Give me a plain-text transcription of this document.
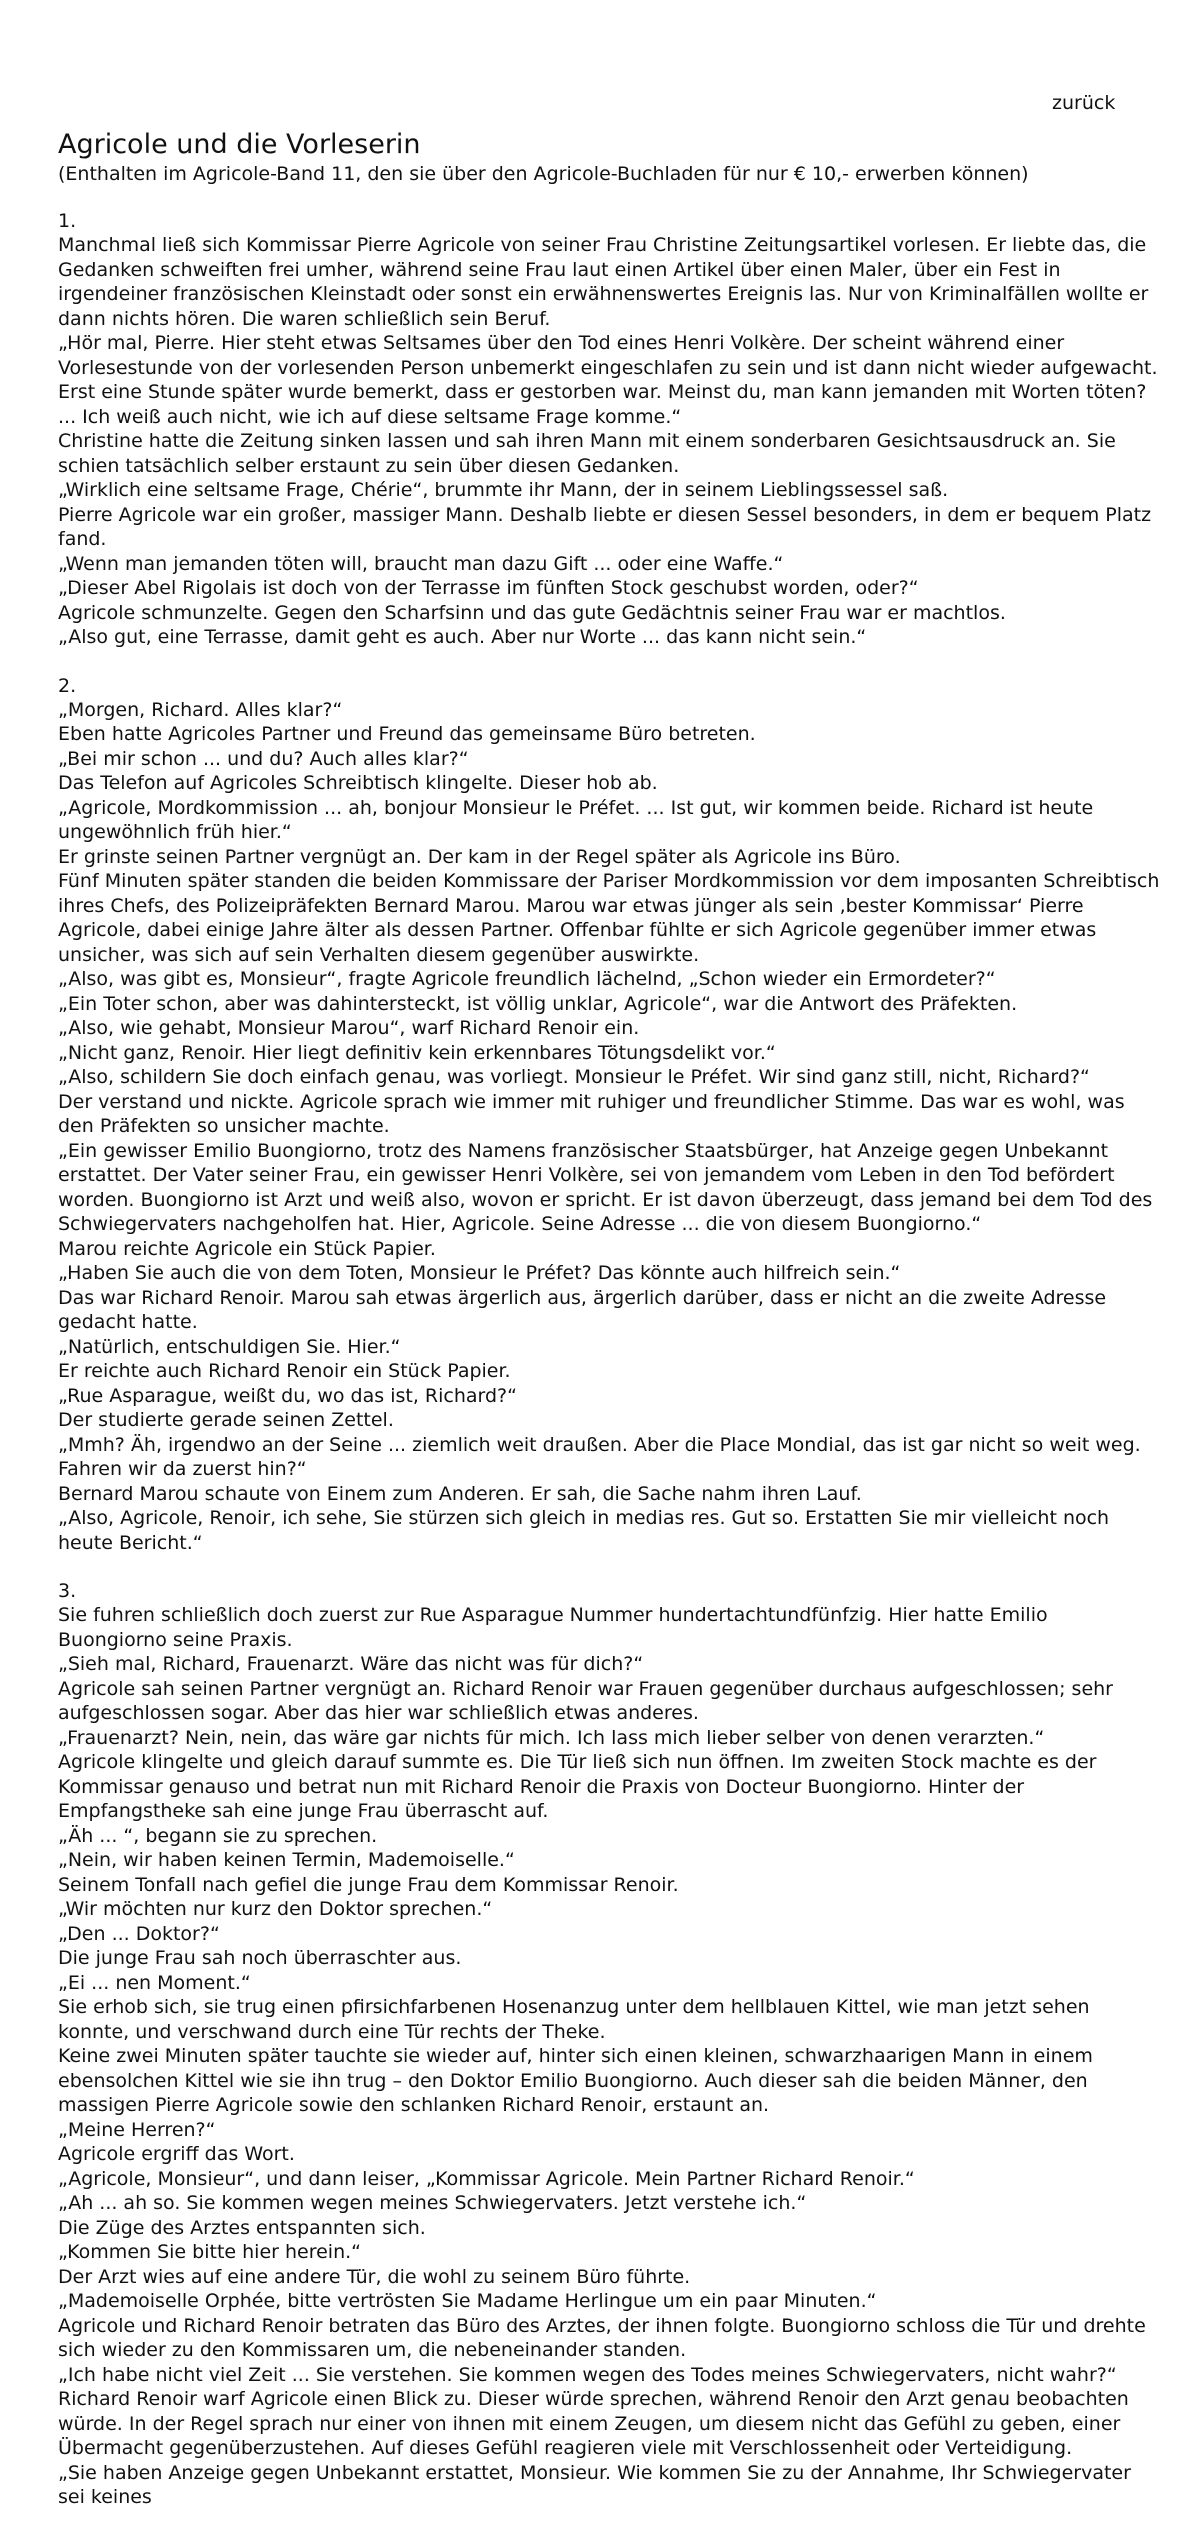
zurück
Agricole und die Vorleserin
(Enthalten im Agricole-Band 11, den sie über den Agricole-Buchladen für nur € 10,- erwerben können)
1.

Manchmal ließ sich Kommissar Pierre Agricole von seiner Frau Christine Zeitungsartikel vorlesen. Er liebte das, die Gedanken schweiften frei umher, während seine Frau laut einen Artikel über einen Maler, über ein Fest in irgendeiner französischen Kleinstadt oder sonst ein erwähnenswertes Ereignis las. Nur von Kriminalfällen wollte er dann nichts hören. Die waren schließlich sein Beruf.

„Hör mal, Pierre. Hier steht etwas Seltsames über den Tod eines Henri Volkère. Der scheint während einer Vorlesestunde von der vorlesenden Person unbemerkt eingeschlafen zu sein und ist dann nicht wieder aufgewacht. Erst eine Stunde später wurde bemerkt, dass er gestorben war. Meinst du, man kann jemanden mit Worten töten? ... Ich weiß auch nicht, wie ich auf diese seltsame Frage komme.“

Christine hatte die Zeitung sinken lassen und sah ihren Mann mit einem sonderbaren Gesichtsausdruck an. Sie schien tatsächlich selber erstaunt zu sein über diesen Gedanken.

„Wirklich eine seltsame Frage, Chérie“, brummte ihr Mann, der in seinem Lieblingssessel saß.

Pierre Agricole war ein großer, massiger Mann. Deshalb liebte er diesen Sessel besonders, in dem er bequem Platz fand.

„Wenn man jemanden töten will, braucht man dazu Gift ... oder eine Waffe.“

„Dieser Abel Rigolais ist doch von der Terrasse im fünften Stock geschubst worden, oder?“

Agricole schmunzelte. Gegen den Scharfsinn und das gute Gedächtnis seiner Frau war er machtlos.

„Also gut, eine Terrasse, damit geht es auch. Aber nur Worte ... das kann nicht sein.“

2.

„Morgen, Richard. Alles klar?“

Eben hatte Agricoles Partner und Freund das gemeinsame Büro betreten.

„Bei mir schon ... und du? Auch alles klar?“

Das Telefon auf Agricoles Schreibtisch klingelte. Dieser hob ab.

„Agricole, Mordkommission ... ah, bonjour Monsieur le Préfet. ... Ist gut, wir kommen beide. Richard ist heute ungewöhnlich früh hier.“

Er grinste seinen Partner vergnügt an. Der kam in der Regel später als Agricole ins Büro.

Fünf Minuten später standen die beiden Kommissare der Pariser Mordkommission vor dem imposanten Schreibtisch ihres Chefs, des Polizeipräfekten Bernard Marou. Marou war etwas jünger als sein ‚bester Kommissar‘ Pierre Agricole, dabei einige Jahre älter als dessen Partner. Offenbar fühlte er sich Agricole gegenüber immer etwas unsicher, was sich auf sein Verhalten diesem gegenüber auswirkte.

„Also, was gibt es, Monsieur“, fragte Agricole freundlich lächelnd, „Schon wieder ein Ermordeter?“

„Ein Toter schon, aber was dahintersteckt, ist völlig unklar, Agricole“, war die Antwort des Präfekten.

„Also, wie gehabt, Monsieur Marou“, warf Richard Renoir ein.

„Nicht ganz, Renoir. Hier liegt definitiv kein erkennbares Tötungsdelikt vor.“

„Also, schildern Sie doch einfach genau, was vorliegt. Monsieur le Préfet. Wir sind ganz still, nicht, Richard?“

Der verstand und nickte. Agricole sprach wie immer mit ruhiger und freundlicher Stimme. Das war es wohl, was den Präfekten so unsicher machte.

„Ein gewisser Emilio Buongiorno, trotz des Namens französischer Staatsbürger, hat Anzeige gegen Unbekannt erstattet. Der Vater seiner Frau, ein gewisser Henri Volkère, sei von jemandem vom Leben in den Tod befördert worden. Buongiorno ist Arzt und weiß also, wovon er spricht. Er ist davon überzeugt, dass jemand bei dem Tod des Schwiegervaters nachgeholfen hat. Hier, Agricole. Seine Adresse ... die von diesem Buongiorno.“

Marou reichte Agricole ein Stück Papier.

„Haben Sie auch die von dem Toten, Monsieur le Préfet? Das könnte auch hilfreich sein.“

Das war Richard Renoir. Marou sah etwas ärgerlich aus, ärgerlich darüber, dass er nicht an die zweite Adresse gedacht hatte.

„Natürlich, entschuldigen Sie. Hier.“

Er reichte auch Richard Renoir ein Stück Papier.

„Rue Asparague, weißt du, wo das ist, Richard?“

Der studierte gerade seinen Zettel.

„Mmh? Äh, irgendwo an der Seine ... ziemlich weit draußen. Aber die Place Mondial, das ist gar nicht so weit weg. Fahren wir da zuerst hin?“

Bernard Marou schaute von Einem zum Anderen. Er sah, die Sache nahm ihren Lauf.

„Also, Agricole, Renoir, ich sehe, Sie stürzen sich gleich in medias res. Gut so. Erstatten Sie mir vielleicht noch heute Bericht.“

3.

Sie fuhren schließlich doch zuerst zur Rue Asparague Nummer hundertachtundfünfzig. Hier hatte Emilio Buongiorno seine Praxis.

„Sieh mal, Richard, Frauenarzt. Wäre das nicht was für dich?“

Agricole sah seinen Partner vergnügt an. Richard Renoir war Frauen gegenüber durchaus aufgeschlossen; sehr aufgeschlossen sogar. Aber das hier war schließlich etwas anderes.

„Frauenarzt? Nein, nein, das wäre gar nichts für mich. Ich lass mich lieber selber von denen verarzten.“

Agricole klingelte und gleich darauf summte es. Die Tür ließ sich nun öffnen. Im zweiten Stock machte es der Kommissar genauso und betrat nun mit Richard Renoir die Praxis von Docteur Buongiorno. Hinter der Empfangstheke sah eine junge Frau überrascht auf.

„Äh ... “, begann sie zu sprechen.

„Nein, wir haben keinen Termin, Mademoiselle.“

Seinem Tonfall nach gefiel die junge Frau dem Kommissar Renoir.

„Wir möchten nur kurz den Doktor sprechen.“

„Den ... Doktor?“

Die junge Frau sah noch überraschter aus.

„Ei ... nen Moment.“

Sie erhob sich, sie trug einen pfirsichfarbenen Hosenanzug unter dem hellblauen Kittel, wie man jetzt sehen konnte, und verschwand durch eine Tür rechts der Theke.

Keine zwei Minuten später tauchte sie wieder auf, hinter sich einen kleinen, schwarzhaarigen Mann in einem ebensolchen Kittel wie sie ihn trug – den Doktor Emilio Buongiorno. Auch dieser sah die beiden Männer, den massigen Pierre Agricole sowie den schlanken Richard Renoir, erstaunt an.

„Meine Herren?“

Agricole ergriff das Wort.

„Agricole, Monsieur“, und dann leiser, „Kommissar Agricole. Mein Partner Richard Renoir.“

„Ah ... ah so. Sie kommen wegen meines Schwiegervaters. Jetzt verstehe ich.“

Die Züge des Arztes entspannten sich.

„Kommen Sie bitte hier herein.“

Der Arzt wies auf eine andere Tür, die wohl zu seinem Büro führte.

„Mademoiselle Orphée, bitte vertrösten Sie Madame Herlingue um ein paar Minuten.“

Agricole und Richard Renoir betraten das Büro des Arztes, der ihnen folgte. Buongiorno schloss die Tür und drehte sich wieder zu den Kommissaren um, die nebeneinander standen.

„Ich habe nicht viel Zeit ... Sie verstehen. Sie kommen wegen des Todes meines Schwiegervaters, nicht wahr?“

Richard Renoir warf Agricole einen Blick zu. Dieser würde sprechen, während Renoir den Arzt genau beobachten würde. In der Regel sprach nur einer von ihnen mit einem Zeugen, um diesem nicht das Gefühl zu geben, einer Übermacht gegenüberzustehen. Auf dieses Gefühl reagieren viele mit Verschlossenheit oder Verteidigung.

„Sie haben Anzeige gegen Unbekannt erstattet, Monsieur. Wie kommen Sie zu der Annahme, Ihr Schwiegervater sei keines
